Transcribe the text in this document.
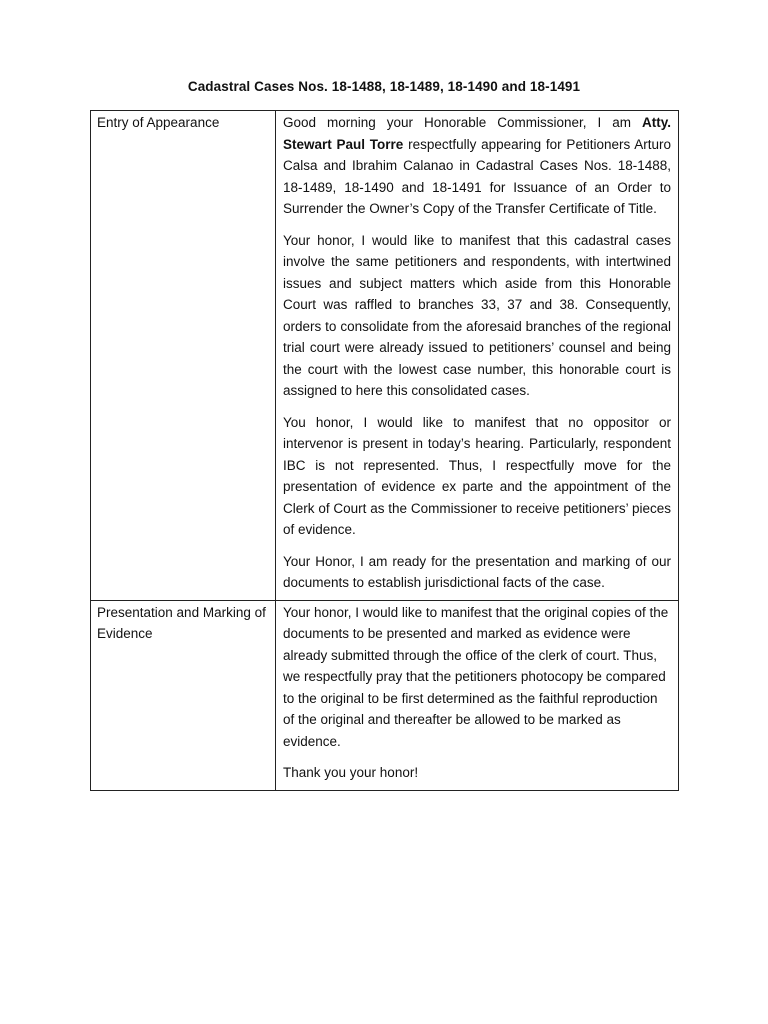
Cadastral Cases Nos. 18-1488, 18-1489, 18-1490 and 18-1491
Entry of Appearance	Good morning your Honorable Commissioner, I am Atty. Stewart Paul Torre respectfully appearing for Petitioners Arturo Calsa and Ibrahim Calanao in Cadastral Cases Nos. 18-1488, 18-1489, 18-1490 and 18-1491 for Issuance of an Order to Surrender the Owner’s Copy of the Transfer Certificate of Title.

Your honor, I would like to manifest that this cadastral cases involve the same petitioners and respondents, with intertwined issues and subject matters which aside from this Honorable Court was raffled to branches 33, 37 and 38. Consequently, orders to consolidate from the aforesaid branches of the regional trial court were already issued to petitioners’ counsel and being the court with the lowest case number, this honorable court is assigned to here this consolidated cases.

You honor, I would like to manifest that no oppositor or intervenor is present in today’s hearing. Particularly, respondent IBC is not represented. Thus, I respectfully move for the presentation of evidence ex parte and the appointment of the Clerk of Court as the Commissioner to receive petitioners’ pieces of evidence.

Your Honor, I am ready for the presentation and marking of our documents to establish jurisdictional facts of the case.

Presentation and Marking of Evidence	Your honor, I would like to manifest that the original copies of the documents to be presented and marked as evidence were already submitted through the office of the clerk of court. Thus, we respectfully pray that the petitioners photocopy be compared to the original to be first determined as the faithful reproduction of the original and thereafter be allowed to be marked as evidence.

Thank you your honor!
